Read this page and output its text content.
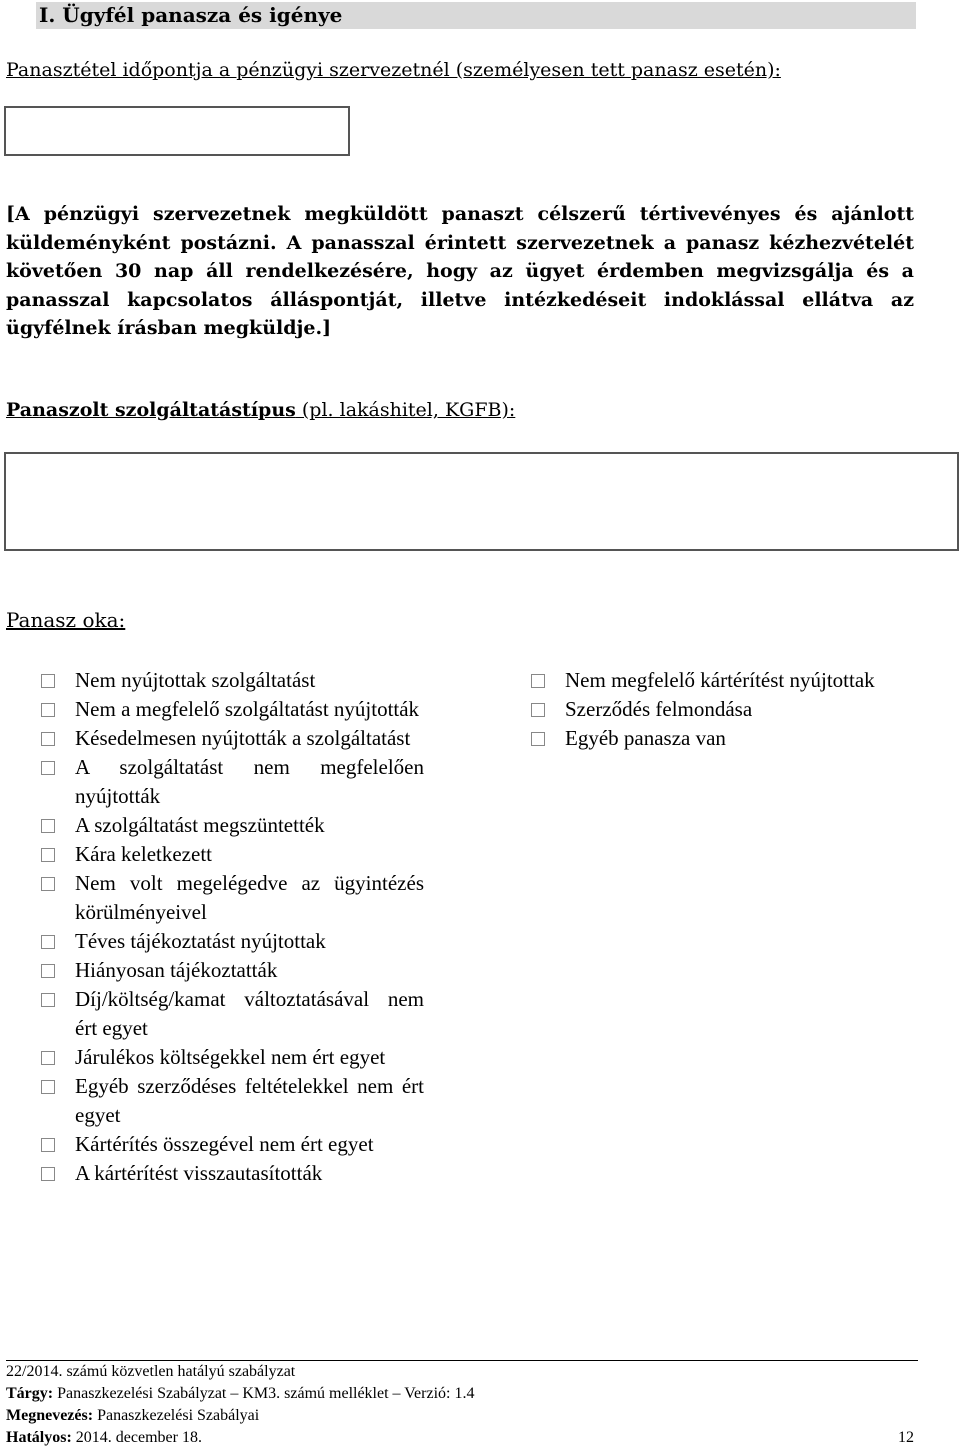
I. Ügyfél panasza és igénye
Panasztétel időpontja a pénzügyi szervezetnél (személyesen tett panasz esetén):

[A pénzügyi szervezetnek megküldött panaszt célszerű tértivevényes és ajánlott küldeményként postázni. A panasszal érintett szervezetnek a panasz kézhezvételét követően 30 nap áll rendelkezésére, hogy az ügyet érdemben megvizsgálja és a panasszal kapcsolatos álláspontját, illetve intézkedéseit indoklással ellátva az ügyfélnek írásban megküldje.]

Panaszolt szolgáltatástípus (pl. lakáshitel, KGFB):
Panasz oka:
Nem nyújtottak szolgáltatást
Nem a megfelelő szolgáltatást nyújtották
Késedelmesen nyújtották a szolgáltatást
A szolgáltatást nem megfelelően nyújtották
A szolgáltatást megszüntették
Kára keletkezett
Nem volt megelégedve az ügyintézés körülményeivel
Téves tájékoztatást nyújtottak
Hiányosan tájékoztatták
Díj/költség/kamat változtatásával nem ért egyet
Járulékos költségekkel nem ért egyet
Egyéb szerződéses feltételekkel nem ért egyet
Kártérítés összegével nem ért egyet
A kártérítést visszautasították
Nem megfelelő kártérítést nyújtottak
Szerződés felmondása
Egyéb panasza van
22/2014. számú közvetlen hatályú szabályzat
Tárgy: Panaszkezelési Szabályzat – KM3. számú melléklet – Verzió: 1.4
Megnevezés: Panaszkezelési Szabályai
Hatályos: 2014. december 18.	12
